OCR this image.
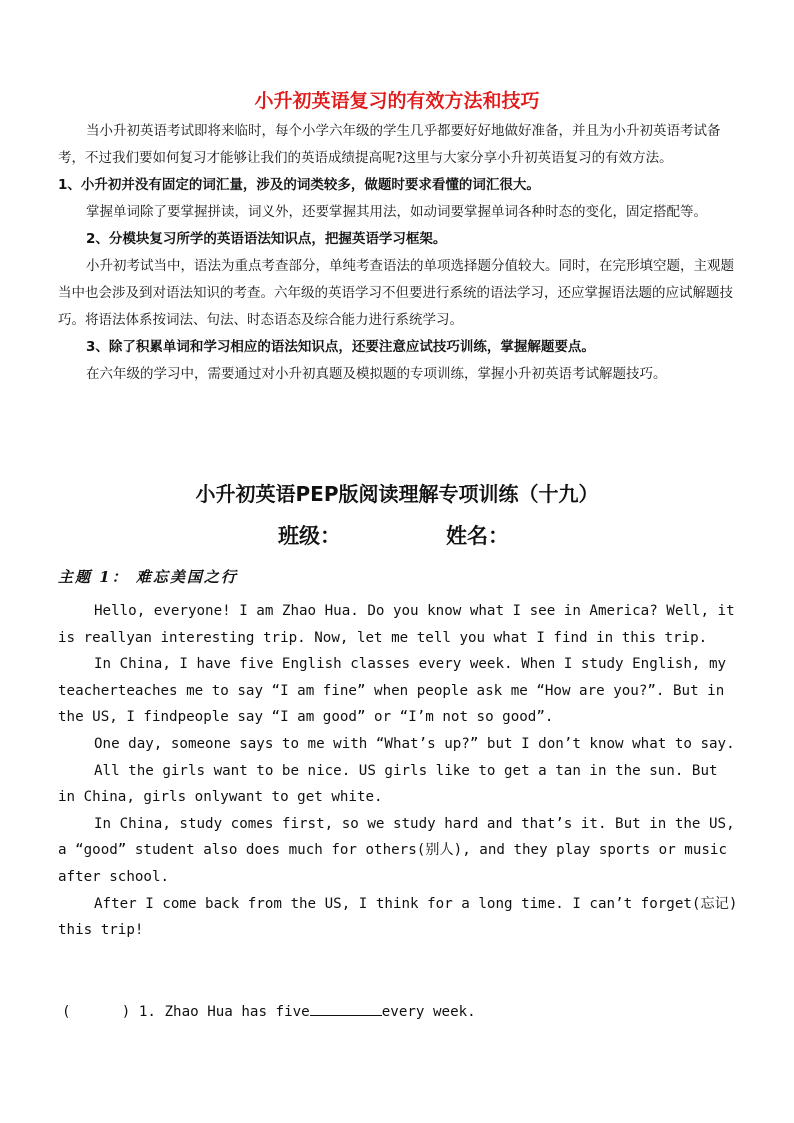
小升初英语复习的有效方法和技巧

当小升初英语考试即将来临时，每个小学六年级的学生几乎都要好好地做好准备，并且为小升初英语考试备考，不过我们要如何复习才能够让我们的英语成绩提高呢?这里与大家分享小升初英语复习的有效方法。

1、小升初并没有固定的词汇量，涉及的词类较多，做题时要求看懂的词汇很大。

掌握单词除了要掌握拼读，词义外，还要掌握其用法，如动词要掌握单词各种时态的变化，固定搭配等。

2、分模块复习所学的英语语法知识点，把握英语学习框架。

小升初考试当中，语法为重点考查部分，单纯考查语法的单项选择题分值较大。同时，在完形填空题，主观题当中也会涉及到对语法知识的考查。六年级的英语学习不但要进行系统的语法学习，还应掌握语法题的应试解题技巧。将语法体系按词法、句法、时态语态及综合能力进行系统学习。

3、除了积累单词和学习相应的语法知识点，还要注意应试技巧训练，掌握解题要点。

在六年级的学习中，需要通过对小升初真题及模拟题的专项训练，掌握小升初英语考试解题技巧。

小升初英语PEP版阅读理解专项训练（十九）
班级：	姓名：
主题 1： 难忘美国之行

Hello, everyone! I am Zhao Hua. Do you know what I see in America? Well, it is reallyan interesting trip. Now, let me tell you what I find in this trip.

In China, I have five English classes every week. When I study English, my teacherteaches me to say “I am fine” when people ask me “How are you?”. But in the US, I findpeople say “I am good” or “I’m not so good”.

One day, someone says to me with “What’s up?” but I don’t know what to say.

All the girls want to be nice. US girls like to get a tan in the sun. But in China, girls onlywant to get white.

In China, study comes first, so we study hard and that’s it. But in the US, a “good” student also does much for others(别人), and they play sports or music after school.

After I come back from the US, I think for a long time. I can’t forget(忘记) this trip!

(      ) 1. Zhao Hua has five	every week.
